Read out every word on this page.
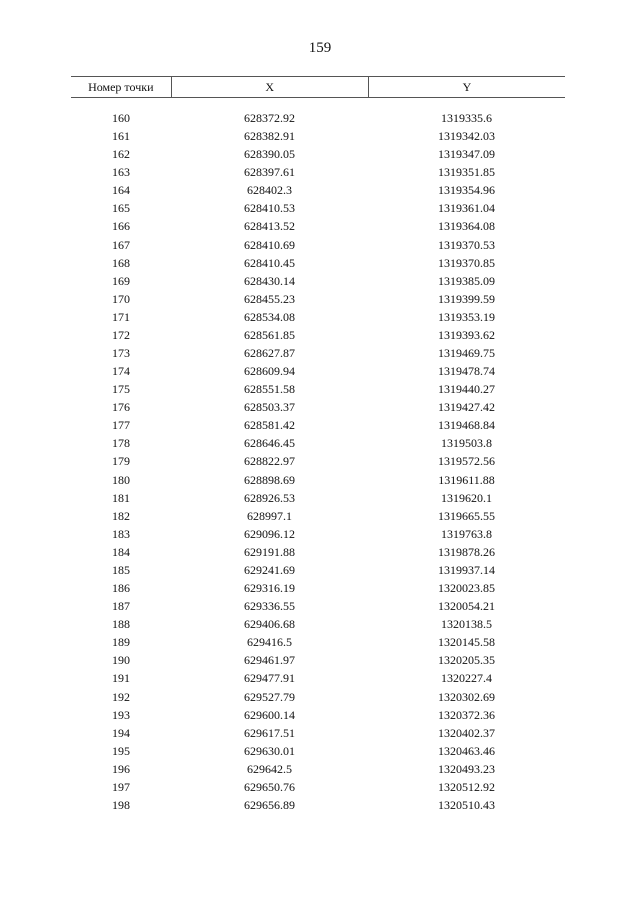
159
Номер точки	X	Y
160	628372.92	1319335.6
161	628382.91	1319342.03
162	628390.05	1319347.09
163	628397.61	1319351.85
164	628402.3	1319354.96
165	628410.53	1319361.04
166	628413.52	1319364.08
167	628410.69	1319370.53
168	628410.45	1319370.85
169	628430.14	1319385.09
170	628455.23	1319399.59
171	628534.08	1319353.19
172	628561.85	1319393.62
173	628627.87	1319469.75
174	628609.94	1319478.74
175	628551.58	1319440.27
176	628503.37	1319427.42
177	628581.42	1319468.84
178	628646.45	1319503.8
179	628822.97	1319572.56
180	628898.69	1319611.88
181	628926.53	1319620.1
182	628997.1	1319665.55
183	629096.12	1319763.8
184	629191.88	1319878.26
185	629241.69	1319937.14
186	629316.19	1320023.85
187	629336.55	1320054.21
188	629406.68	1320138.5
189	629416.5	1320145.58
190	629461.97	1320205.35
191	629477.91	1320227.4
192	629527.79	1320302.69
193	629600.14	1320372.36
194	629617.51	1320402.37
195	629630.01	1320463.46
196	629642.5	1320493.23
197	629650.76	1320512.92
198	629656.89	1320510.43
